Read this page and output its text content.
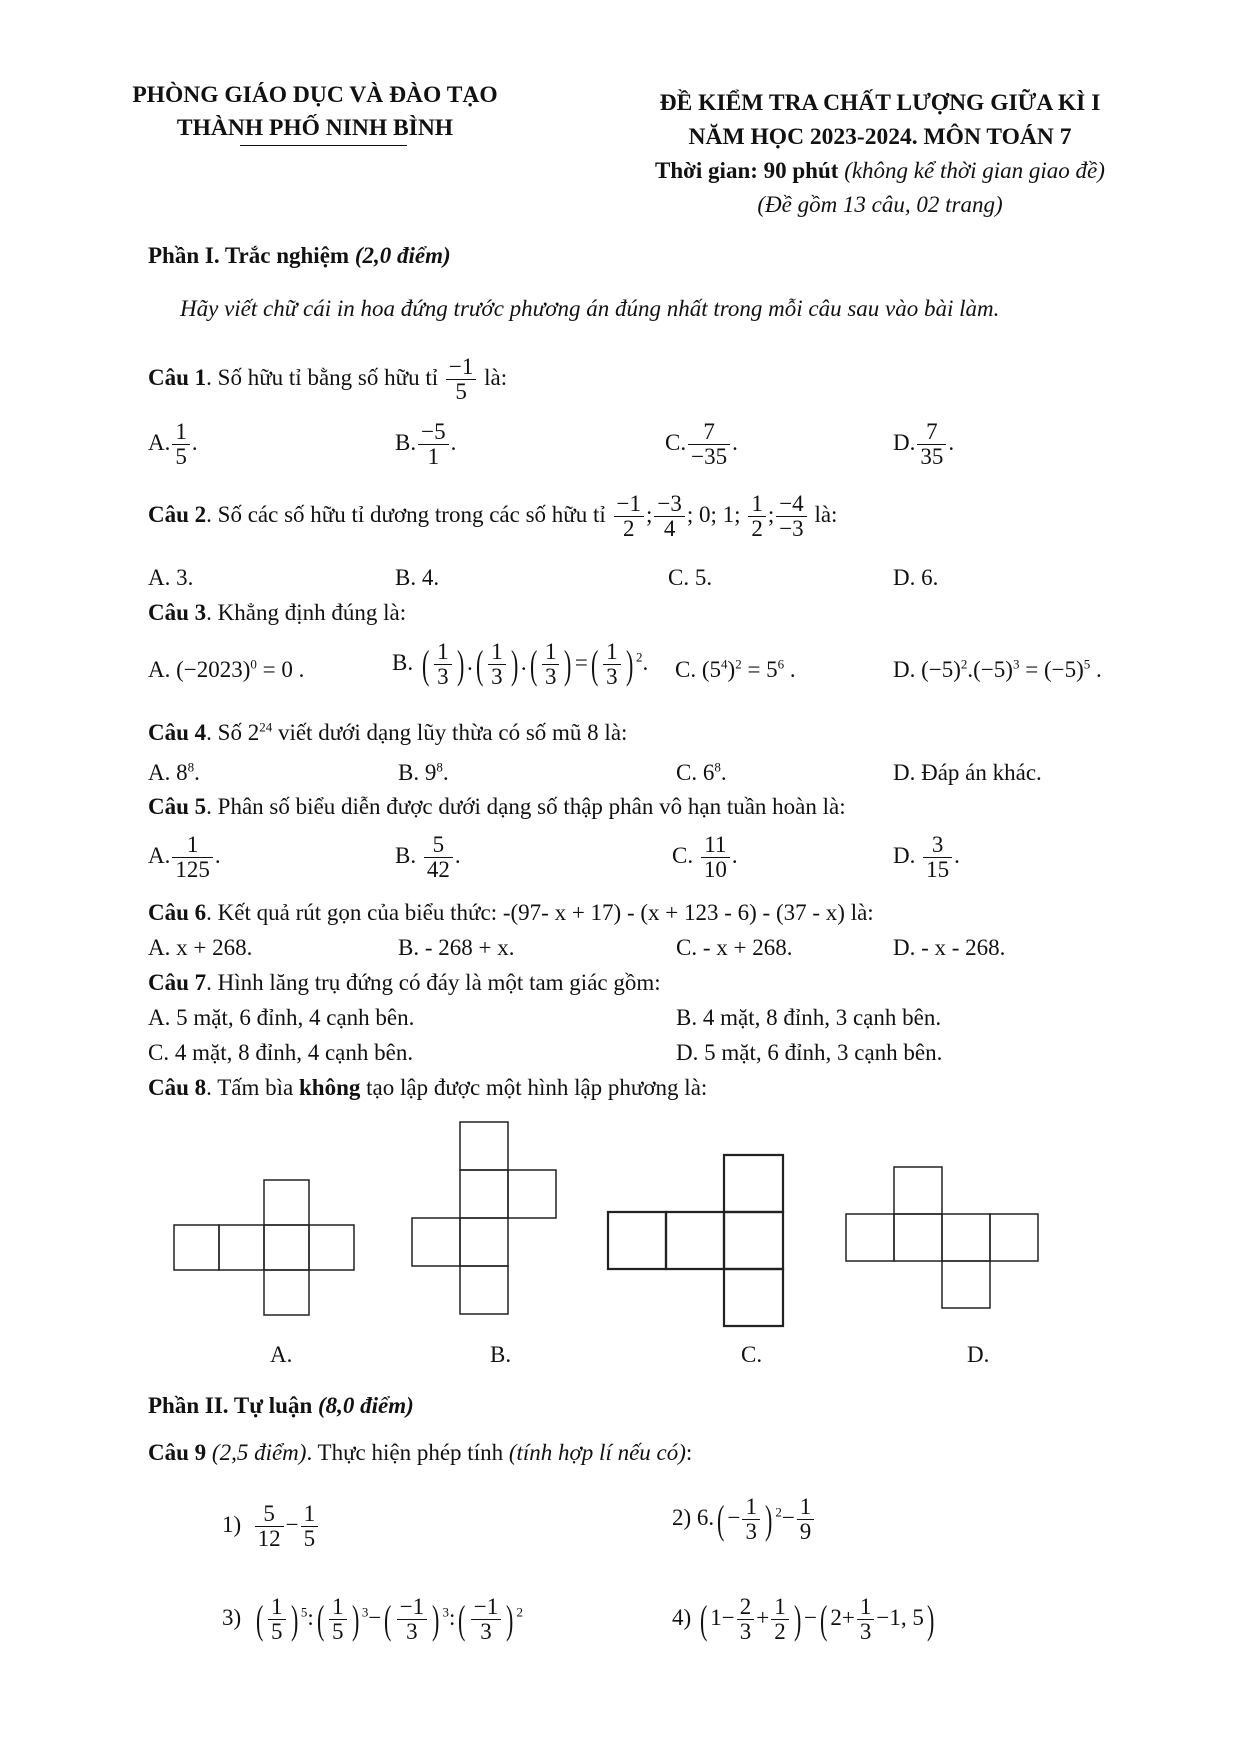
PHÒNG GIÁO DỤC VÀ ĐÀO TẠO
THÀNH PHỐ NINH BÌNH
ĐỀ KIỂM TRA CHẤT LƯỢNG GIỮA KÌ I
NĂM HỌC 2023-2024. MÔN TOÁN 7
Thời gian: 90 phút (không kể thời gian giao đề)
(Đề gồm 13 câu, 02 trang)
Phần I. Trắc nghiệm (2,0 điểm)
Hãy viết chữ cái in hoa đứng trước phương án đúng nhất trong mỗi câu sau vào bài làm.
Câu 1. Số hữu tỉ bằng số hữu tỉ $\frac{-1}{5}$ là:
A. $\frac{1}{5}$ .	B. $\frac{-5}{1}$ .	C. $\frac{7}{-35}$ .	D. $\frac{7}{35}$ .
Câu 2. Số các số hữu tỉ dương trong các số hữu tỉ $\frac{-1}{2}$ ; $\frac{-3}{4}$ ; 0; 1; $\frac{1}{2}$ ; $\frac{-4}{-3}$ là:
A. 3.	B. 4.	C. 5.	D. 6.
Câu 3. Khẳng định đúng là:
A. $(-2023)^0 = 0$ .	B. ( $\frac{1}{3}$ ) .( $\frac{1}{3}$ ) .( $\frac{1}{3}$ ) =( $\frac{1}{3}$ ) $^2$. C. $(5^4)^2 = 5^6$ .	D. $(-5)^2.(-5)^3 = (-5)^5$ .
Câu 4. Số $2^{24}$ viết dưới dạng lũy thừa có số mũ 8 là:
A. $8^8$.	B. $9^8$.	C. $6^8$.	D. Đáp án khác.
Câu 5. Phân số biểu diễn được dưới dạng số thập phân vô hạn tuần hoàn là:
A. $\frac{1}{125}$ .	B. $\frac{5}{42}$ .	C. $\frac{11}{10}$ .	D. $\frac{3}{15}$ .
Câu 6. Kết quả rút gọn của biểu thức: -(97- x + 17) - (x + 123 - 6) - (37 - x) là:
A. x + 268.	B. - 268 + x.	C. - x + 268.	D. - x - 268.
Câu 7. Hình lăng trụ đứng có đáy là một tam giác gồm:
A. 5 mặt, 6 đỉnh, 4 cạnh bên.	B. 4 mặt, 8 đỉnh, 3 cạnh bên.
C. 4 mặt, 8 đỉnh, 4 cạnh bên.	D. 5 mặt, 6 đỉnh, 3 cạnh bên.
Câu 8. Tấm bìa không tạo lập được một hình lập phương là:
A.	B.	C.	D.
Phần II. Tự luận (8,0 điểm)
Câu 9 (2,5 điểm). Thực hiện phép tính (tính hợp lí nếu có):
$1) \frac{5}{12} - \frac{1}{5}$	2) $6.( - \frac{1}{3}$ ) $^2- \frac{1}{9}$
3) ( $\frac{1}{5}$ ) $^5$:( $\frac{1}{5}$ ) $^3-( \frac{-1}{3}$ ) $^3$:( $\frac{-1}{3}$ ) $^2$	4) ( $1- \frac{2}{3} + \frac{1}{2}$ ) −( $2+ \frac{1}{3} -1$, 5)
